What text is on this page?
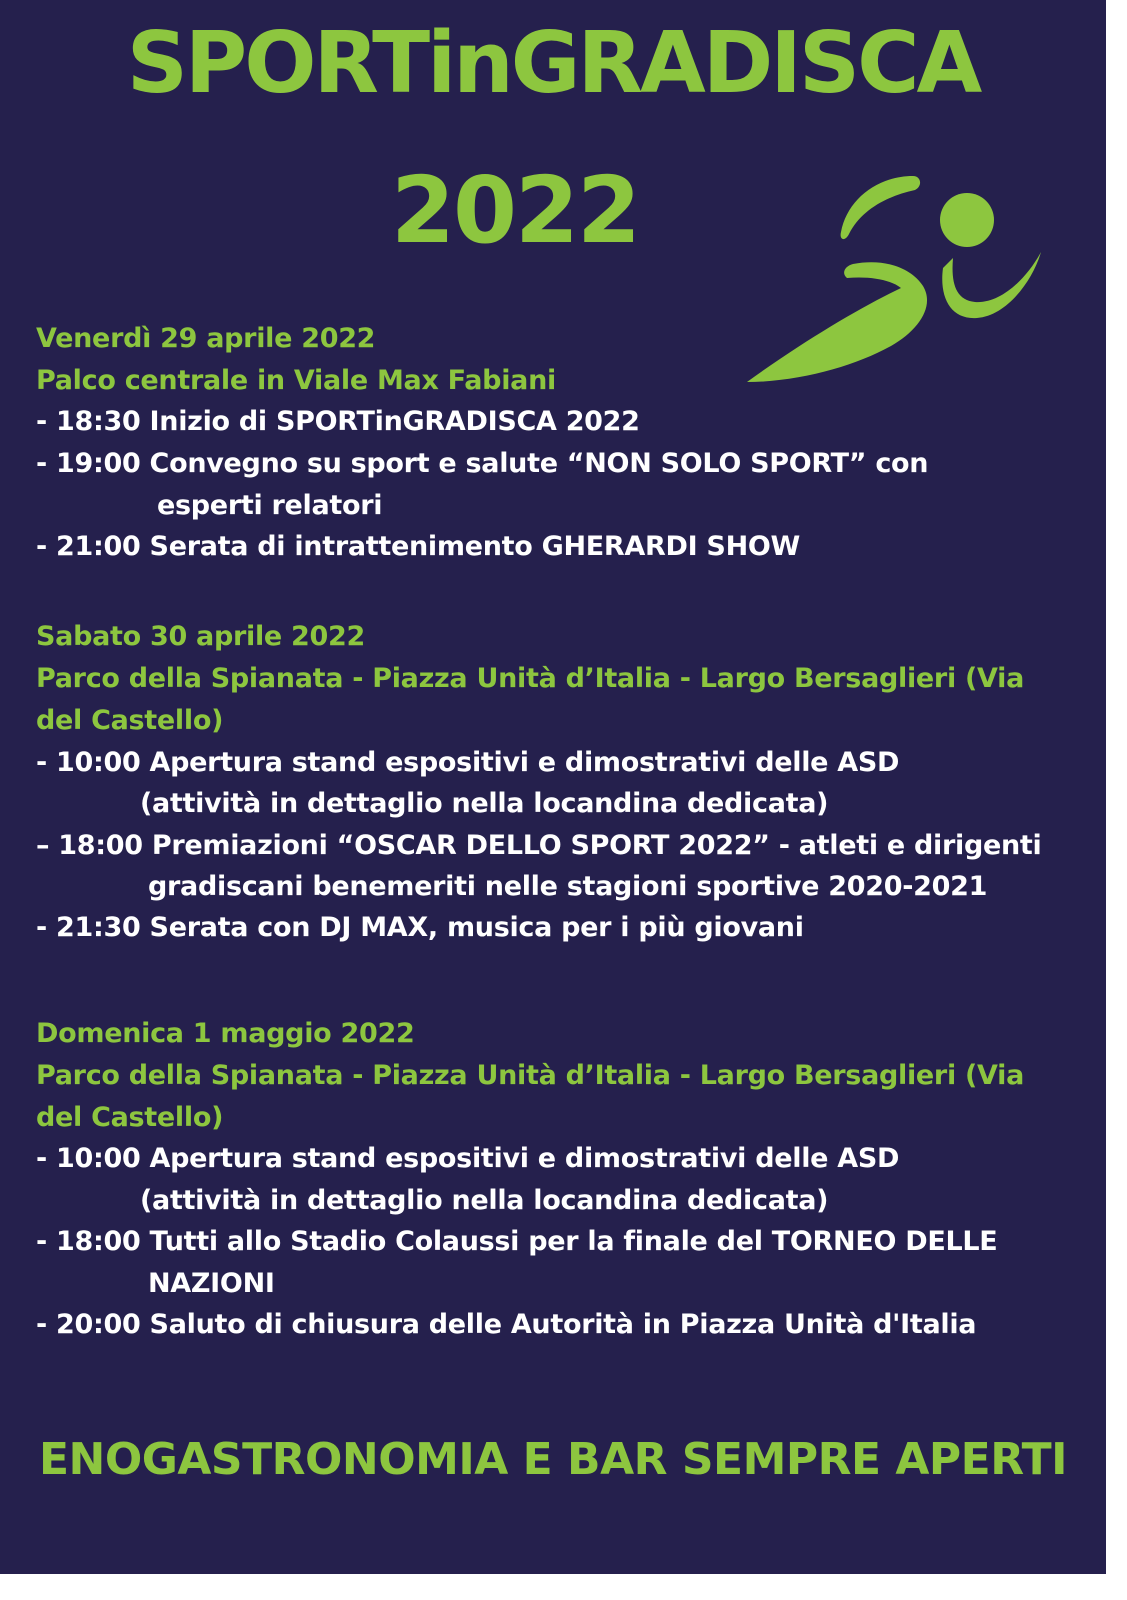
SPORTinGRADISCA
2022
Venerdì 29 aprile 2022
Palco centrale in Viale Max Fabiani
- 18:30 Inizio di SPORTinGRADISCA 2022
- 19:00 Convegno su sport e salute “NON SOLO SPORT” con
esperti relatori
- 21:00 Serata di intrattenimento GHERARDI SHOW
Sabato 30 aprile 2022
Parco della Spianata - Piazza Unità d’Italia - Largo Bersaglieri (Via
del Castello)
- 10:00 Apertura stand espositivi e dimostrativi delle ASD
(attività in dettaglio nella locandina dedicata)
– 18:00 Premiazioni “OSCAR DELLO SPORT 2022” - atleti e dirigenti
gradiscani benemeriti nelle stagioni sportive 2020-2021
- 21:30 Serata con DJ MAX, musica per i più giovani
Domenica 1 maggio 2022
Parco della Spianata - Piazza Unità d’Italia - Largo Bersaglieri (Via
del Castello)
- 10:00 Apertura stand espositivi e dimostrativi delle ASD
(attività in dettaglio nella locandina dedicata)
- 18:00 Tutti allo Stadio Colaussi per la finale del TORNEO DELLE
NAZIONI
- 20:00 Saluto di chiusura delle Autorità in Piazza Unità d'Italia
ENOGASTRONOMIA E BAR SEMPRE APERTI
